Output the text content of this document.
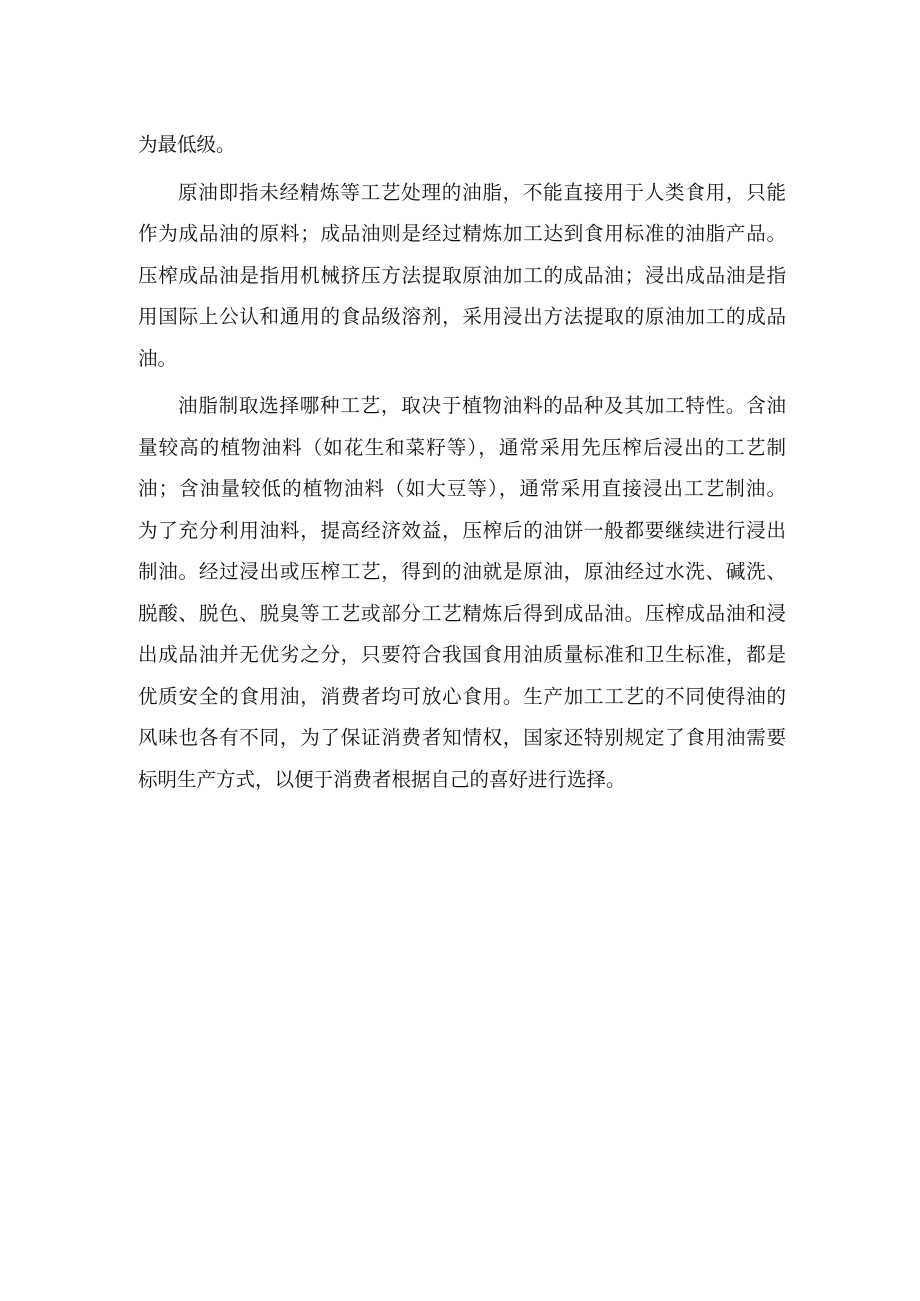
为最低级。
原油即指未经精炼等工艺处理的油脂，不能直接用于人类食用，只能
作为成品油的原料；成品油则是经过精炼加工达到食用标准的油脂产品。
压榨成品油是指用机械挤压方法提取原油加工的成品油；浸出成品油是指
用国际上公认和通用的食品级溶剂，采用浸出方法提取的原油加工的成品
油。
油脂制取选择哪种工艺，取决于植物油料的品种及其加工特性。含油
量较高的植物油料（如花生和菜籽等），通常采用先压榨后浸出的工艺制
油；含油量较低的植物油料（如大豆等），通常采用直接浸出工艺制油。
为了充分利用油料，提高经济效益，压榨后的油饼一般都要继续进行浸出
制油。经过浸出或压榨工艺，得到的油就是原油，原油经过水洗、碱洗、
脱酸、脱色、脱臭等工艺或部分工艺精炼后得到成品油。压榨成品油和浸
出成品油并无优劣之分，只要符合我国食用油质量标准和卫生标准，都是
优质安全的食用油，消费者均可放心食用。生产加工工艺的不同使得油的
风味也各有不同，为了保证消费者知情权，国家还特别规定了食用油需要
标明生产方式，以便于消费者根据自己的喜好进行选择。
